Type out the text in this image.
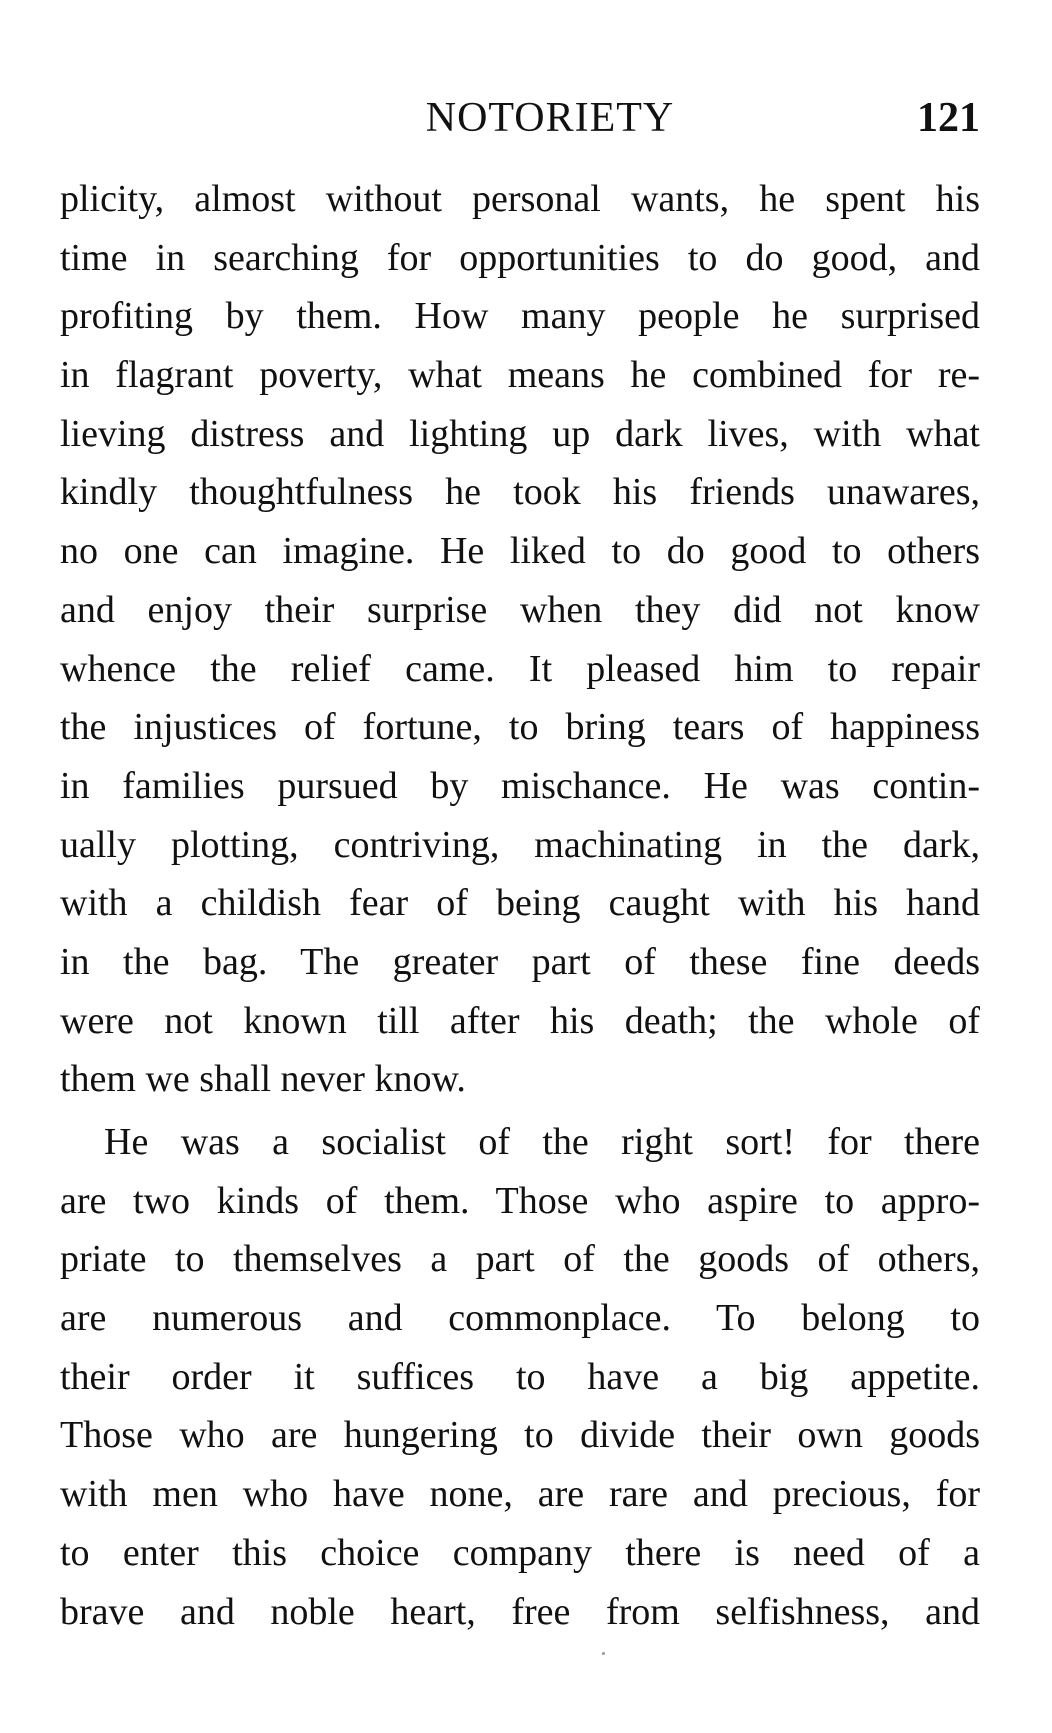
NOTORIETY	121
plicity, almost without personal wants, he spent his
time in searching for opportunities to do good, and
profiting by them. How many people he surprised
in flagrant poverty, what means he combined for re-
lieving distress and lighting up dark lives, with what
kindly thoughtfulness he took his friends unawares,
no one can imagine. He liked to do good to others
and enjoy their surprise when they did not know
whence the relief came. It pleased him to repair
the injustices of fortune, to bring tears of happiness
in families pursued by mischance. He was contin-
ually plotting, contriving, machinating in the dark,
with a childish fear of being caught with his hand
in the bag. The greater part of these fine deeds
were not known till after his death; the whole of
them we shall never know.
He was a socialist of the right sort! for there
are two kinds of them. Those who aspire to appro-
priate to themselves a part of the goods of others,
are numerous and commonplace. To belong to
their order it suffices to have a big appetite.
Those who are hungering to divide their own goods
with men who have none, are rare and precious, for
to enter this choice company there is need of a
brave and noble heart, free from selfishness, and
